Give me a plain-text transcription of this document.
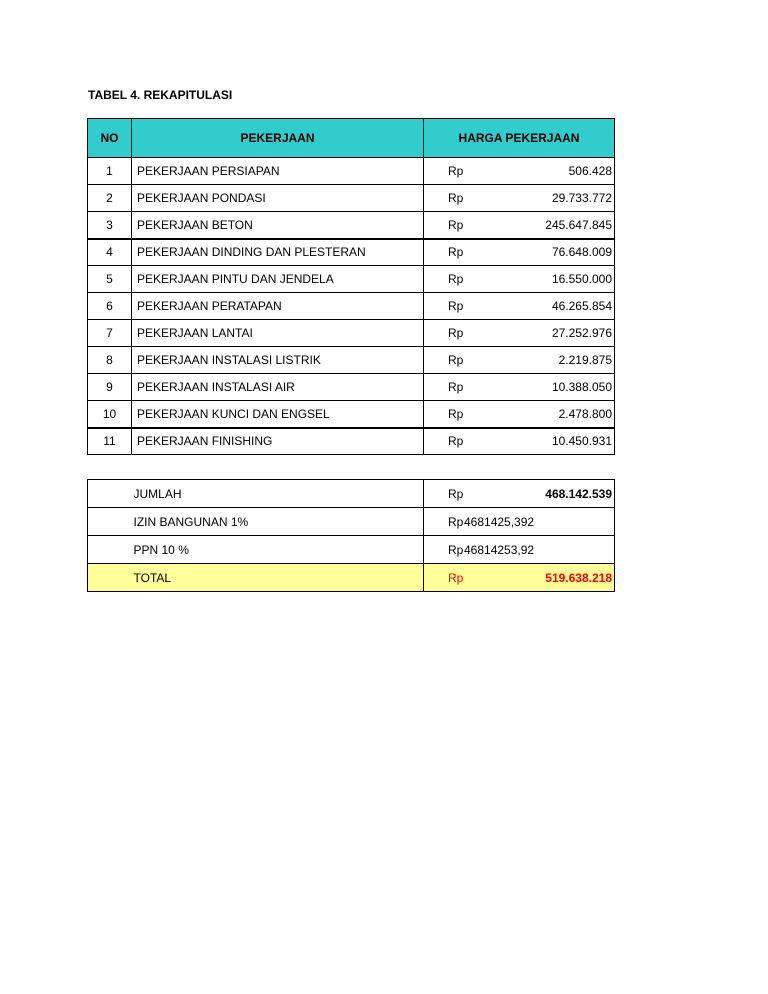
TABEL 4. REKAPITULASI
NO	PEKERJAAN	HARGA PEKERJAAN
1	PEKERJAAN PERSIAPAN	Rp 506.428

2	PEKERJAAN PONDASI	Rp 29.733.772

3	PEKERJAAN BETON	Rp 245.647.845

4	PEKERJAAN DINDING DAN PLESTERAN	Rp 76.648.009

5	PEKERJAAN PINTU DAN JENDELA	Rp 16.550.000

6	PEKERJAAN PERATAPAN	Rp 46.265.854

7	PEKERJAAN LANTAI	Rp 27.252.976

8	PEKERJAAN INSTALASI LISTRIK	Rp 2.219.875

9	PEKERJAAN INSTALASI AIR	Rp 10.388.050

10	PEKERJAAN KUNCI DAN ENGSEL	Rp 2.478.800

11	PEKERJAAN FINISHING	Rp 10.450.931
	JUMLAH	Rp 468.142.539

	IZIN BANGUNAN 1%	Rp 4681425,392

	PPN 10 %	Rp 46814253,92

	TOTAL	Rp 519.638.218
